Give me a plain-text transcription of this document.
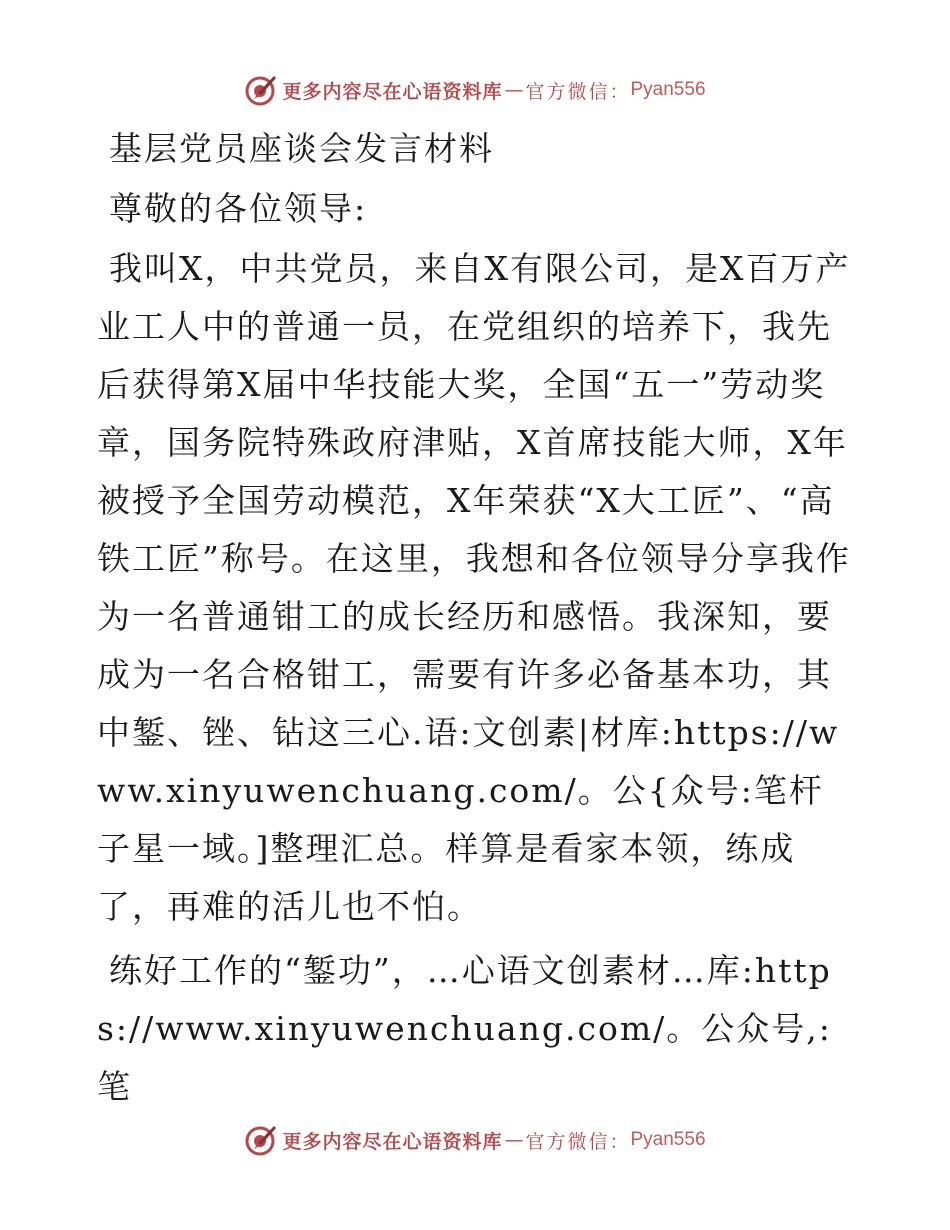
更多内容尽在心语资料库 — 官方微信： Pyan556

基层党员座谈会发言材料

尊敬的各位领导:

我叫X，中共党员，来自X有限公司，是X百万产业工人中的普通一员，在党组织的培养下，我先后获得第X届中华技能大奖，全国“五一”劳动奖章，国务院特殊政府津贴，X首席技能大师，X年被授予全国劳动模范，X年荣获“X大工匠”、“高铁工匠”称号。在这里，我想和各位领导分享我作为一名普通钳工的成长经历和感悟。我深知，要成为一名合格钳工，需要有许多必备基本功，其中錾、锉、钻这三心.语:文创素|材库:https://www.xinyuwenchuang.com/。公{众号:笔杆子星一域。]整理汇总。样算是看家本领，练成了，再难的活儿也不怕。

练好工作的“錾功”，…心语文创素材…库:https://www.xinyuwenchuang.com/。公众号,:笔

更多内容尽在心语资料库 — 官方微信： Pyan556
